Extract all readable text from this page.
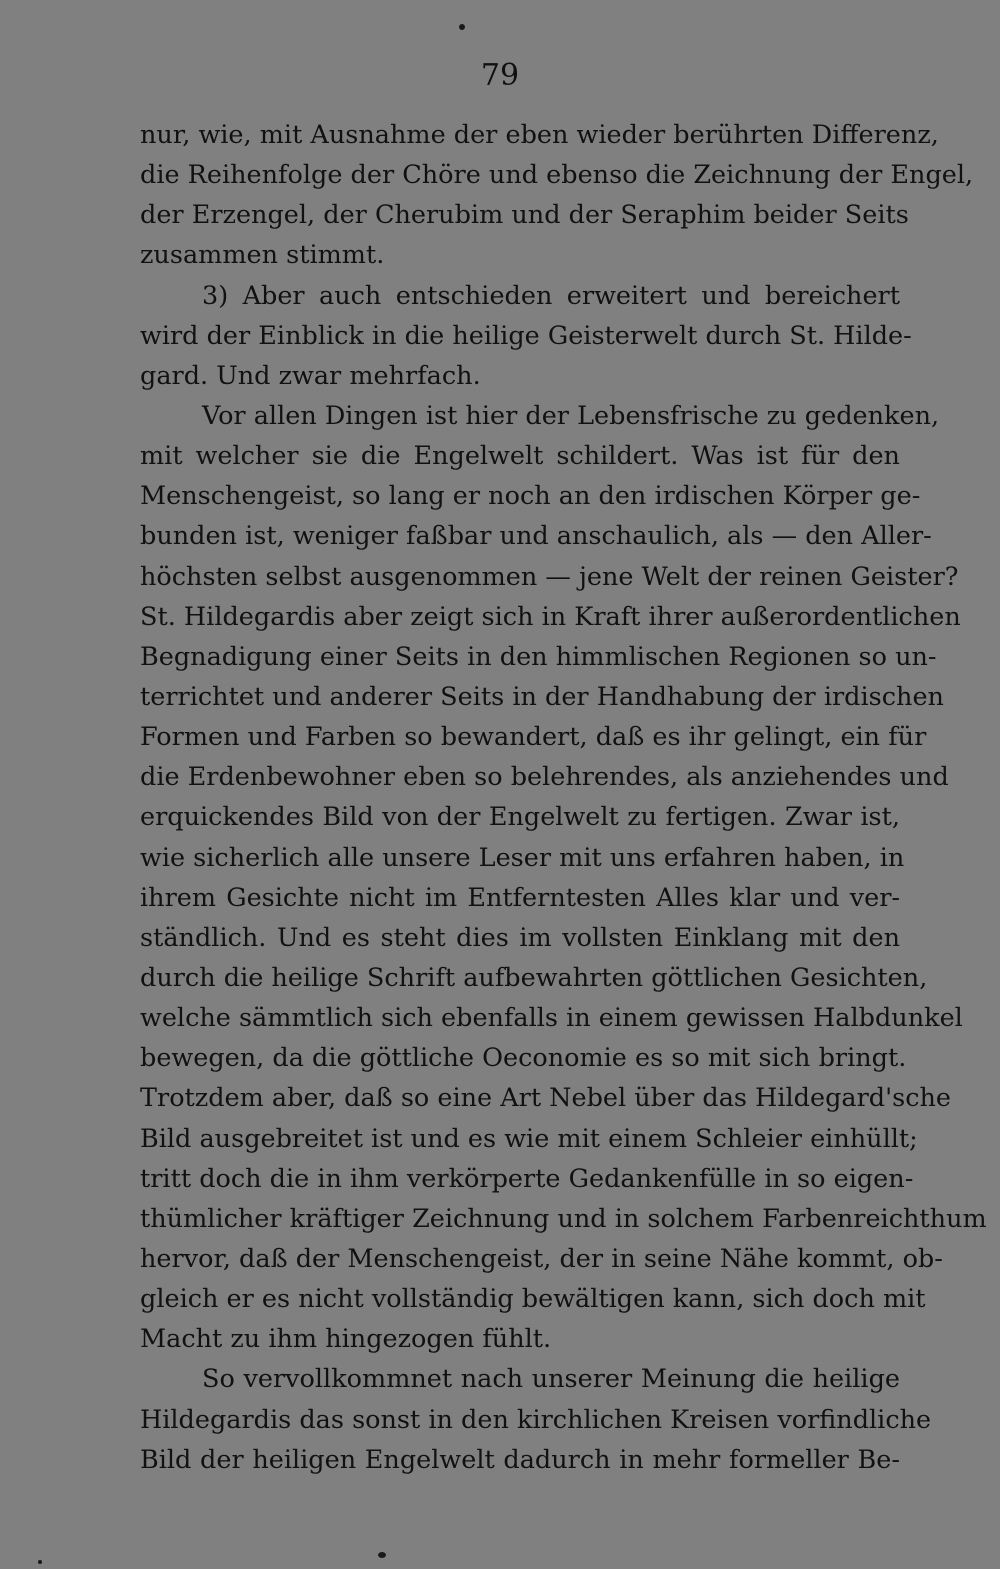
79
nur, wie, mit Ausnahme der eben wieder berührten Differenz,
die Reihenfolge der Chöre und ebenso die Zeichnung der Engel,
der Erzengel, der Cherubim und der Seraphim beider Seits
zusammen stimmt.
3) Aber auch entschieden erweitert und bereichert
wird der Einblick in die heilige Geisterwelt durch St. Hilde-
gard. Und zwar mehrfach.
Vor allen Dingen ist hier der Lebensfrische zu gedenken,
mit welcher sie die Engelwelt schildert. Was ist für den
Menschengeist, so lang er noch an den irdischen Körper ge-
bunden ist, weniger faßbar und anschaulich, als — den Aller-
höchsten selbst ausgenommen — jene Welt der reinen Geister?
St. Hildegardis aber zeigt sich in Kraft ihrer außerordentlichen
Begnadigung einer Seits in den himmlischen Regionen so un-
terrichtet und anderer Seits in der Handhabung der irdischen
Formen und Farben so bewandert, daß es ihr gelingt, ein für
die Erdenbewohner eben so belehrendes, als anziehendes und
erquickendes Bild von der Engelwelt zu fertigen. Zwar ist,
wie sicherlich alle unsere Leser mit uns erfahren haben, in
ihrem Gesichte nicht im Entferntesten Alles klar und ver-
ständlich. Und es steht dies im vollsten Einklang mit den
durch die heilige Schrift aufbewahrten göttlichen Gesichten,
welche sämmtlich sich ebenfalls in einem gewissen Halbdunkel
bewegen, da die göttliche Oeconomie es so mit sich bringt.
Trotzdem aber, daß so eine Art Nebel über das Hildegard'sche
Bild ausgebreitet ist und es wie mit einem Schleier einhüllt;
tritt doch die in ihm verkörperte Gedankenfülle in so eigen-
thümlicher kräftiger Zeichnung und in solchem Farbenreichthum
hervor, daß der Menschengeist, der in seine Nähe kommt, ob-
gleich er es nicht vollständig bewältigen kann, sich doch mit
Macht zu ihm hingezogen fühlt.
So vervollkommnet nach unserer Meinung die heilige
Hildegardis das sonst in den kirchlichen Kreisen vorfindliche
Bild der heiligen Engelwelt dadurch in mehr formeller Be-
